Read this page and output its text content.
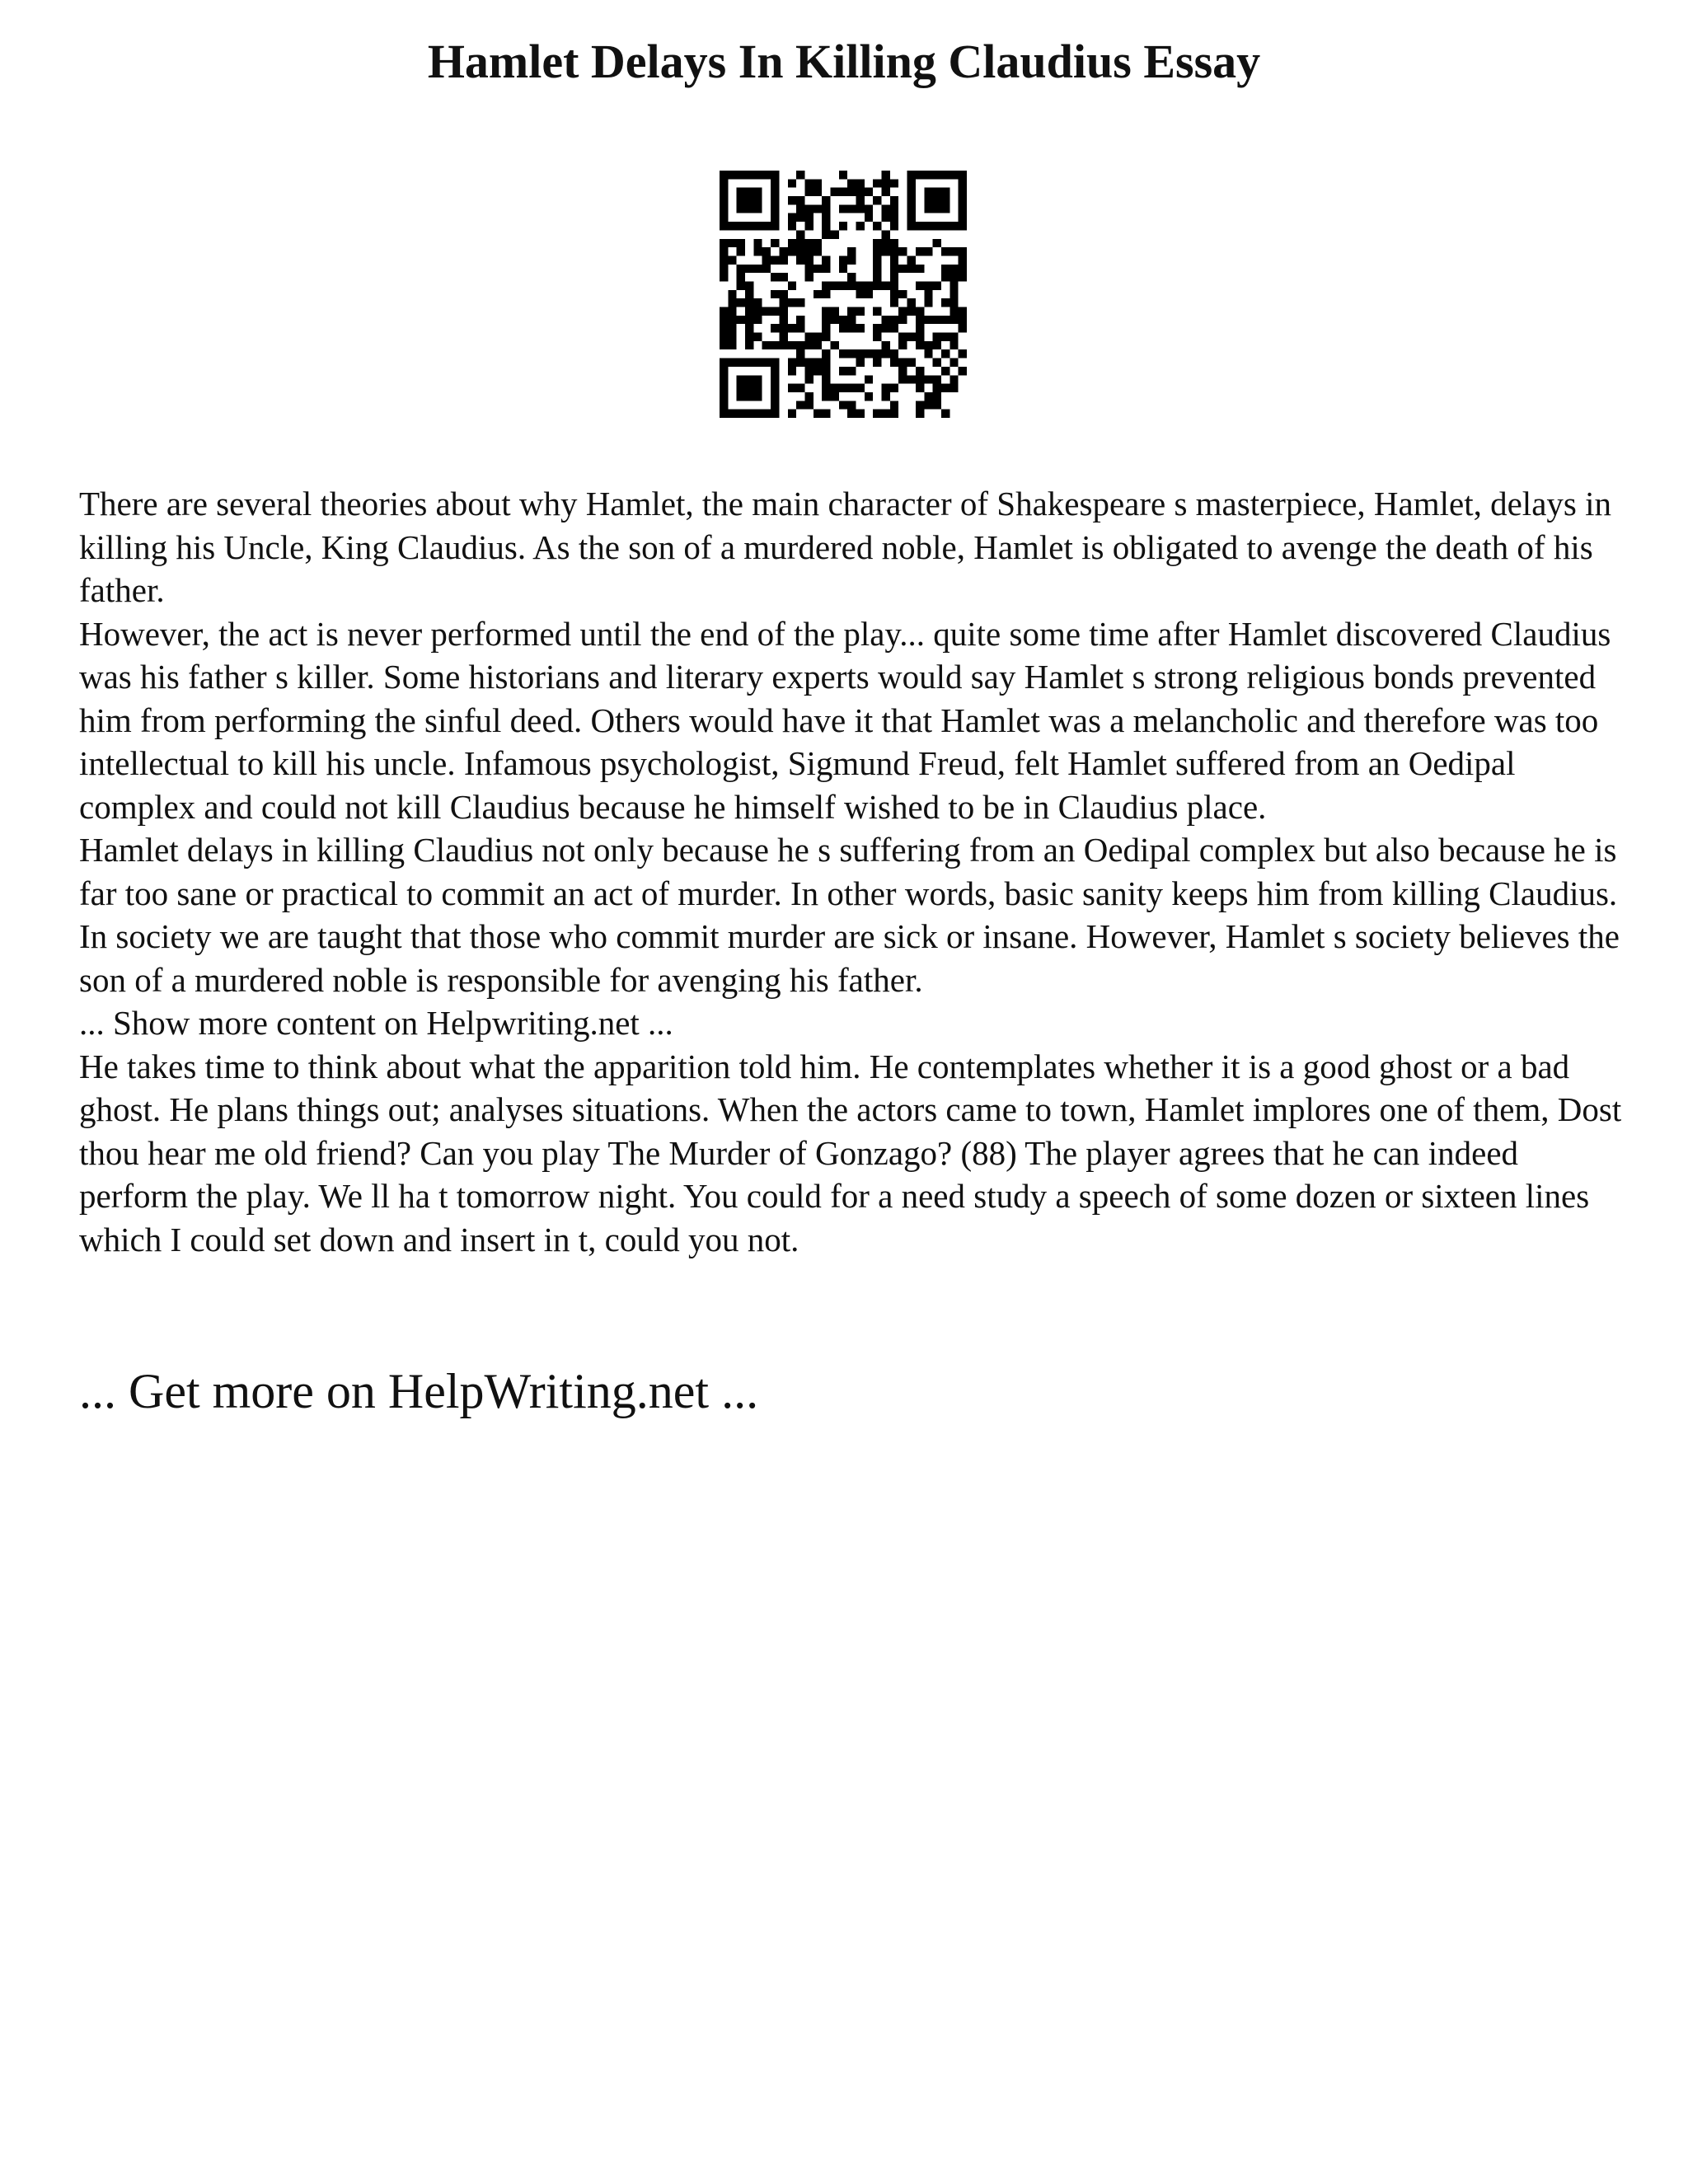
Hamlet Delays In Killing Claudius Essay

There are several theories about why Hamlet, the main character of Shakespeare s masterpiece, Hamlet, delays in killing his Uncle, King Claudius. As the son of a murdered noble, Hamlet is obligated to avenge the death of his father.

However, the act is never performed until the end of the play... quite some time after Hamlet discovered Claudius was his father s killer. Some historians and literary experts would say Hamlet s strong religious bonds prevented him from performing the sinful deed. Others would have it that Hamlet was a melancholic and therefore was too intellectual to kill his uncle. Infamous psychologist, Sigmund Freud, felt Hamlet suffered from an Oedipal complex and could not kill Claudius because he himself wished to be in Claudius place.

Hamlet delays in killing Claudius not only because he s suffering from an Oedipal complex but also because he is far too sane or practical to commit an act of murder. In other words, basic sanity keeps him from killing Claudius. In society we are taught that those who commit murder are sick or insane. However, Hamlet s society believes the son of a murdered noble is responsible for avenging his father.

... Show more content on Helpwriting.net ...

He takes time to think about what the apparition told him. He contemplates whether it is a good ghost or a bad ghost. He plans things out; analyses situations. When the actors came to town, Hamlet implores one of them, Dost thou hear me old friend? Can you play The Murder of Gonzago? (88) The player agrees that he can indeed perform the play. We ll ha t tomorrow night. You could for a need study a speech of some dozen or sixteen lines which I could set down and insert in t, could you not.

... Get more on HelpWriting.net ...
